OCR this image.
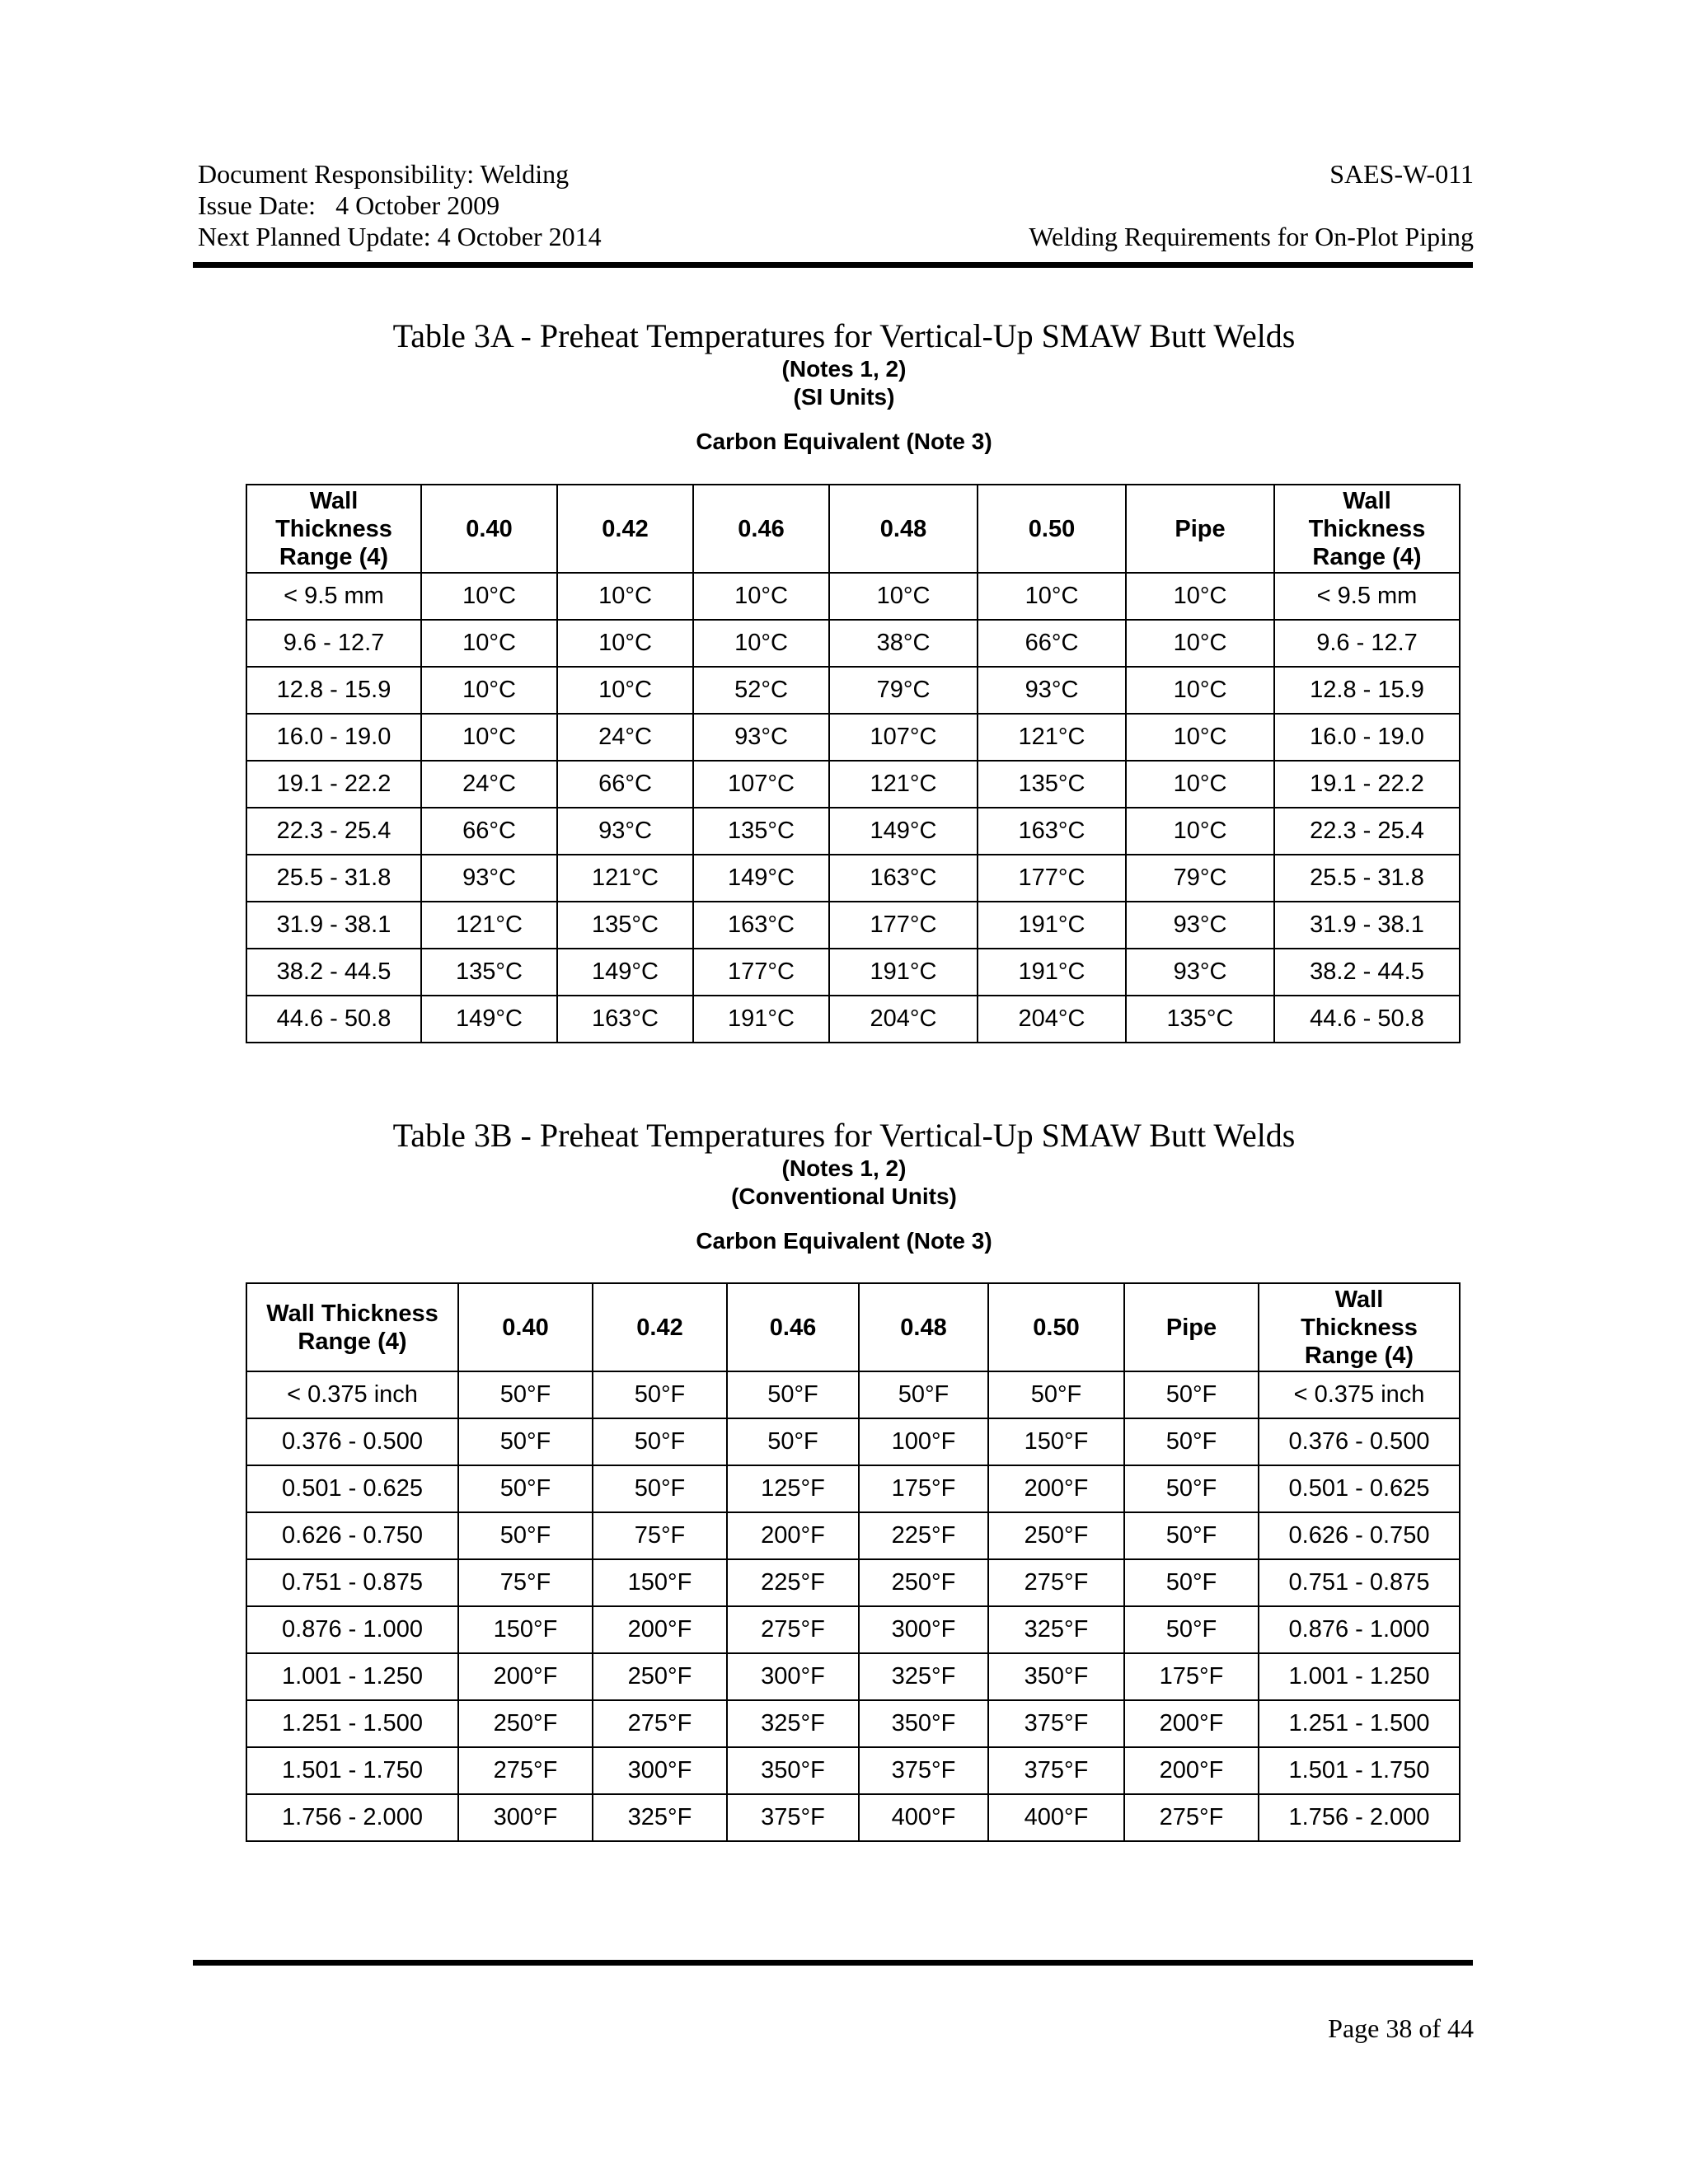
Document Responsibility: Welding
Issue Date:   4 October 2009
Next Planned Update: 4 October 2014
SAES-W-011
Welding Requirements for On-Plot Piping
Table 3A - Preheat Temperatures for Vertical-Up SMAW Butt Welds
(Notes 1, 2)
(SI Units)
Carbon Equivalent (Note 3)
Wall Thickness Range (4)	0.40	0.42	0.46	0.48	0.50	Pipe	Wall Thickness Range (4)
< 9.5 mm	10°C	10°C	10°C	10°C	10°C	10°C	< 9.5 mm
9.6 - 12.7	10°C	10°C	10°C	38°C	66°C	10°C	9.6 - 12.7
12.8 - 15.9	10°C	10°C	52°C	79°C	93°C	10°C	12.8 - 15.9
16.0 - 19.0	10°C	24°C	93°C	107°C	121°C	10°C	16.0 - 19.0
19.1 - 22.2	24°C	66°C	107°C	121°C	135°C	10°C	19.1 - 22.2
22.3 - 25.4	66°C	93°C	135°C	149°C	163°C	10°C	22.3 - 25.4
25.5 - 31.8	93°C	121°C	149°C	163°C	177°C	79°C	25.5 - 31.8
31.9 - 38.1	121°C	135°C	163°C	177°C	191°C	93°C	31.9 - 38.1
38.2 - 44.5	135°C	149°C	177°C	191°C	191°C	93°C	38.2 - 44.5
44.6 - 50.8	149°C	163°C	191°C	204°C	204°C	135°C	44.6 - 50.8
Table 3B - Preheat Temperatures for Vertical-Up SMAW Butt Welds
(Notes 1, 2)
(Conventional Units)
Carbon Equivalent (Note 3)
Wall Thickness Range (4)	0.40	0.42	0.46	0.48	0.50	Pipe	Wall Thickness Range (4)
< 0.375 inch	50°F	50°F	50°F	50°F	50°F	50°F	< 0.375 inch
0.376 - 0.500	50°F	50°F	50°F	100°F	150°F	50°F	0.376 - 0.500
0.501 - 0.625	50°F	50°F	125°F	175°F	200°F	50°F	0.501 - 0.625
0.626 - 0.750	50°F	75°F	200°F	225°F	250°F	50°F	0.626 - 0.750
0.751 - 0.875	75°F	150°F	225°F	250°F	275°F	50°F	0.751 - 0.875
0.876 - 1.000	150°F	200°F	275°F	300°F	325°F	50°F	0.876 - 1.000
1.001 - 1.250	200°F	250°F	300°F	325°F	350°F	175°F	1.001 - 1.250
1.251 - 1.500	250°F	275°F	325°F	350°F	375°F	200°F	1.251 - 1.500
1.501 - 1.750	275°F	300°F	350°F	375°F	375°F	200°F	1.501 - 1.750
1.756 - 2.000	300°F	325°F	375°F	400°F	400°F	275°F	1.756 - 2.000
Page 38 of 44
